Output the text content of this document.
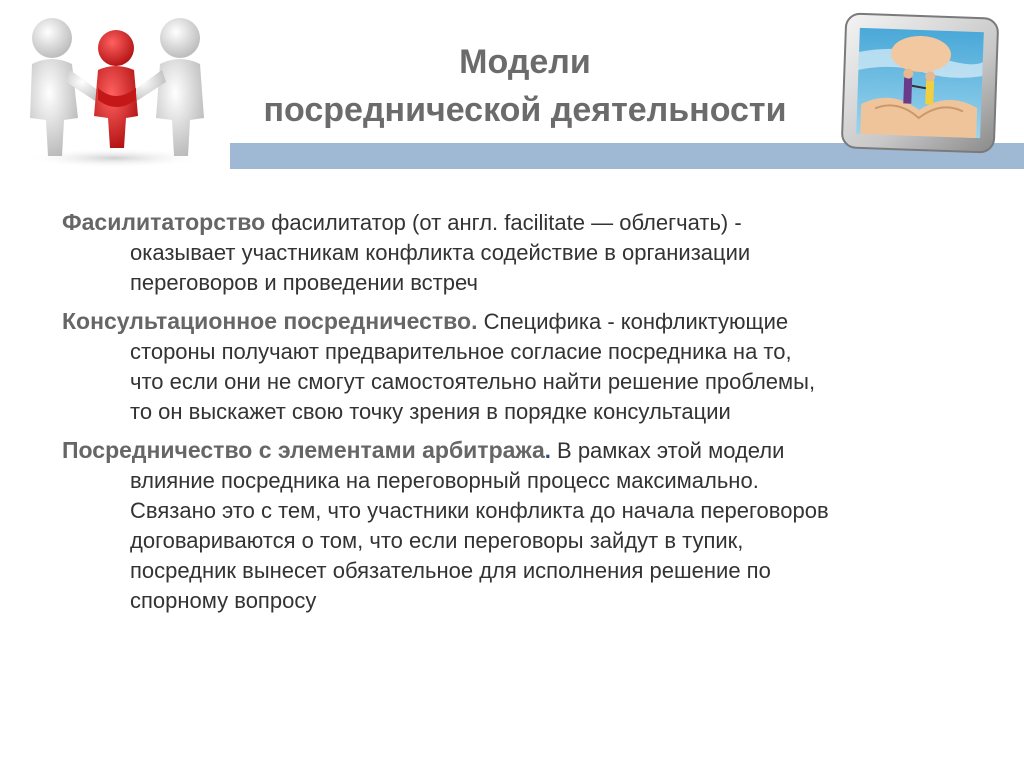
Модели
посреднической деятельности
Фасилитаторство фасилитатор (от англ. facilitate — облегчать) -
оказывает участникам конфликта содействие в организации
переговоров и проведении встреч
Консультационное посредничество. Специфика - конфликтующие
стороны получают предварительное согласие посредника на то,
что если они не смогут самостоятельно найти решение проблемы,
то он выскажет свою точку зрения в порядке консультации
Посредничество с элементами арбитража. В рамках этой модели
влияние посредника на переговорный процесс максимально.
Связано это с тем, что участники конфликта до начала переговоров
договариваются о том, что если переговоры зайдут в тупик,
посредник вынесет обязательное для исполнения решение по
спорному вопросу
